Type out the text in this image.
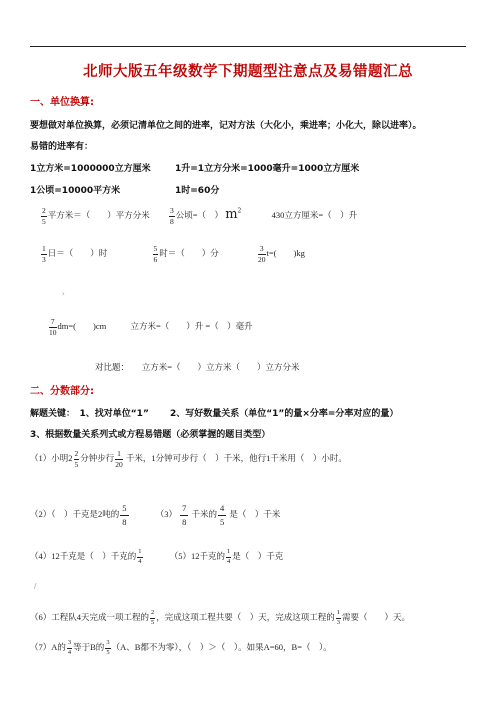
北师大版五年级数学下期题型注意点及易错题汇总
一、单位换算:
要想做对单位换算，必须记清单位之间的进率，记对方法（大化小，乘进率；小化大，除以进率）。
易错的进率有：
1立方米=1000000立方厘米	1升=1立方分米=1000毫升=1000立方厘米
1公顷=10000平方米	1时=60分
$\frac{2}{5}$ 平方米＝（　　）平方分米	$\frac{3}{8}$ 公顷=（　） $m^2$	430立方厘米=（　）升
$\frac{1}{3}$ 日＝（　　）时	$\frac{5}{6}$ 时＝（　　）分	$\frac{3}{20} t=$(　　)kg
›
$\frac{7}{10} dm=$(　　)cm	立方米=（　　）升 =（　）毫升
对比题：　　立方米=（　　）立方米（　　）立方分米
二、分数部分:
解题关键：　1、找对单位“1”　　 2、写好数量关系（单位“1”的量×分率=分率对应的量）
3、根据数量关系列式或方程易错题（必须掌握的题目类型）
（1）小明$2 \frac{2}{5}$ 分钟步行 $\frac{1}{20}$ 千米，1分钟可步行（　）千米，他行1千米用（　）小时。
（2）（　）千克是2吨的 $\frac{5}{8}$	$(3) \frac{7}{8}$ 千米的 $\frac{4}{5}$ 是（　）千米
（4）12千克是（　）千克的 $\frac{1}{4}$	（5）12千克的 $\frac{1}{4}$ 是（　）千克
/
（6）工程队4天完成一项工程的 $\frac{2}{5}$ ，完成这项工程共要（　）天，完成这项工程的 $\frac{1}{3}$ 需要（　　）天。
（7）A的 $\frac{3}{4}$ 等于B的 $\frac{3}{5} (A$、B都不为零），（　）＞（　）。如果A=60，B=（　）。
